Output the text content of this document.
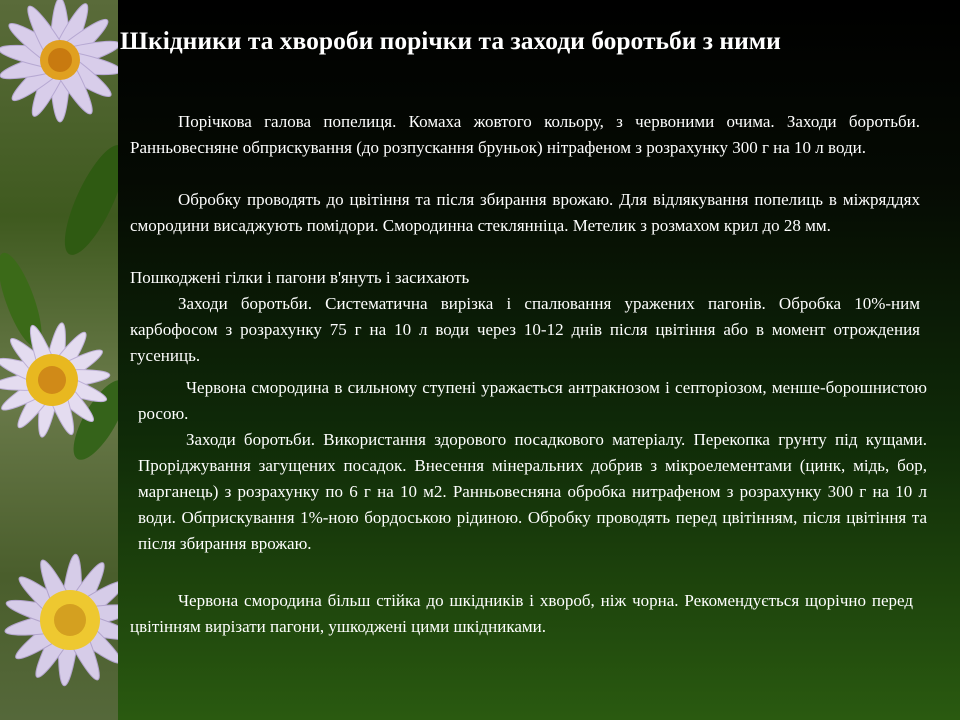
Шкідники та хвороби порічки та заходи боротьби з ними

Порічкова галова попелиця. Комаха жовтого кольору, з червоними очима. Заходи боротьби. Ранньовесняне обприскування (до розпускання бруньок) нітрафеном з розрахунку 300 г на 10 л води.

Обробку проводять до цвітіння та після збирання врожаю. Для відлякування попелиць в міжряддях смородини висаджують помідори. Смородинна стеклянніца. Метелик з розмахом крил до 28 мм.

Пошкоджені гілки і пагони в'януть і засихають

Заходи боротьби. Систематична вирізка і спалювання уражених пагонів. Обробка 10%-ним карбофосом з розрахунку 75 г на 10 л води через 10-12 днів після цвітіння або в момент отрождения гусениць.

Червона смородина в сильному ступені уражається антракнозом і септоріозом, менше-борошнистою росою.

Заходи боротьби. Використання здорового посадкового матеріалу. Перекопка грунту під кущами. Проріджування загущених посадок. Внесення мінеральних добрив з мікроелементами (цинк, мідь, бор, марганець) з розрахунку по 6 г на 10 м2. Ранньовесняна обробка нитрафеном з розрахунку 300 г на 10 л води. Обприскування 1%-ною бордоською рідиною. Обробку проводять перед цвітінням, після цвітіння та після збирання врожаю.

Червона смородина більш стійка до шкідників і хвороб, ніж чорна. Рекомендується щорічно перед цвітінням вирізати пагони, ушкоджені цими шкідниками.
